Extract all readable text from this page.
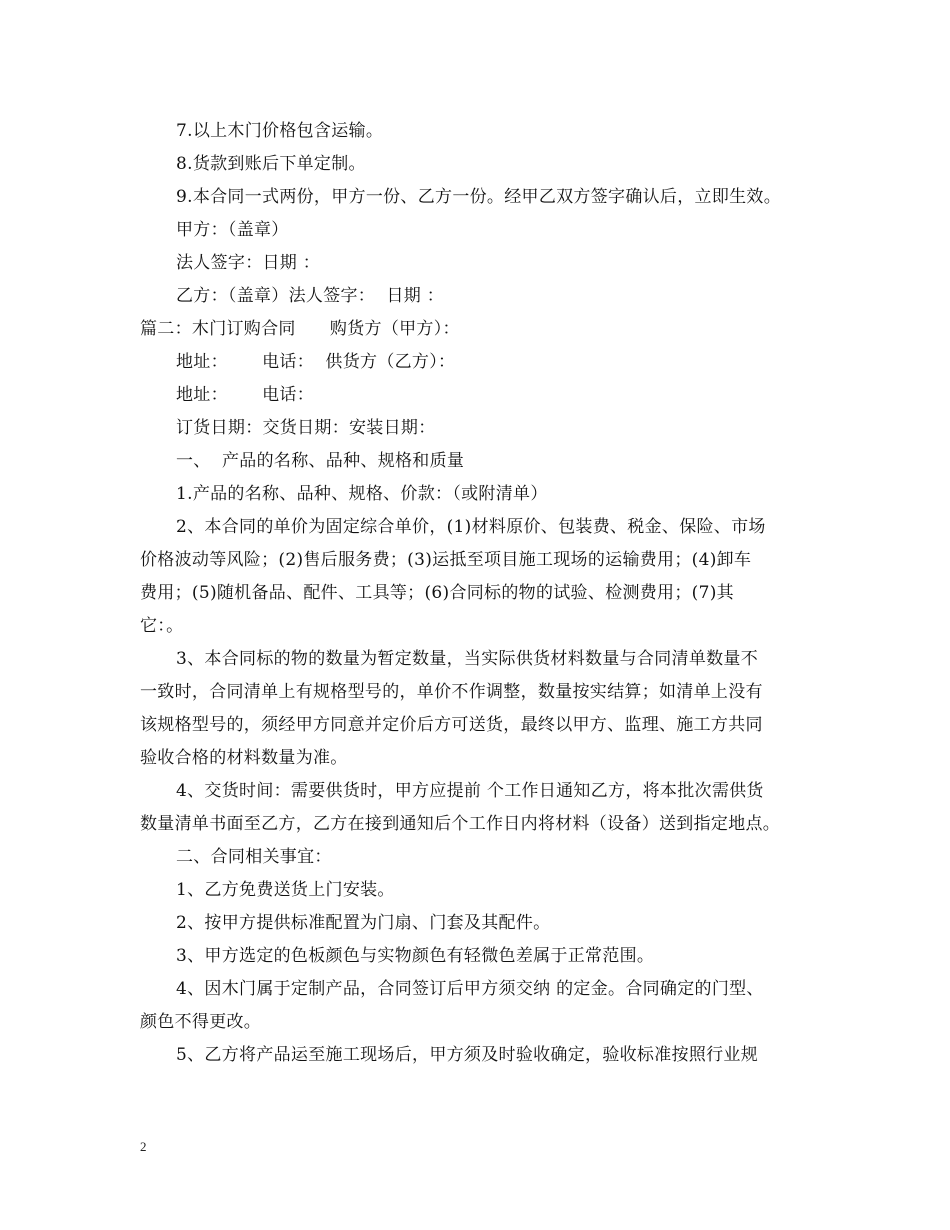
7.以上木门价格包含运输。
8.货款到账后下单定制。
9.本合同一式两份，甲方一份、乙方一份。经甲乙双方签字确认后，立即生效。
甲方：（盖章）
法人签字：日期 ：
乙方：（盖章）法人签字：  日期 ：
篇二：木门订购合同      购货方（甲方）：
地址：      电话：  供货方（乙方）：
地址：      电话：
订货日期：交货日期：安装日期：
一、  产品的名称、品种、规格和质量
1.产品的名称、品种、规格、价款：（或附清单）
2、本合同的单价为固定综合单价，(1)材料原价、包装费、税金、保险、市场
价格波动等风险；(2)售后服务费；(3)运抵至项目施工现场的运输费用；(4)卸车
费用；(5)随机备品、配件、工具等；(6)合同标的物的试验、检测费用；(7)其
它：。
3、本合同标的物的数量为暂定数量，当实际供货材料数量与合同清单数量不
一致时，合同清单上有规格型号的，单价不作调整，数量按实结算；如清单上没有
该规格型号的，须经甲方同意并定价后方可送货，最终以甲方、监理、施工方共同
验收合格的材料数量为准。
4、交货时间：需要供货时，甲方应提前 个工作日通知乙方，将本批次需供货
数量清单书面至乙方，乙方在接到通知后个工作日内将材料（设备）送到指定地点。
二、合同相关事宜：
1、乙方免费送货上门安装。
2、按甲方提供标准配置为门扇、门套及其配件。
3、甲方选定的色板颜色与实物颜色有轻微色差属于正常范围。
4、因木门属于定制产品，合同签订后甲方须交纳 的定金。合同确定的门型、
颜色不得更改。
5、乙方将产品运至施工现场后，甲方须及时验收确定，验收标准按照行业规
2
